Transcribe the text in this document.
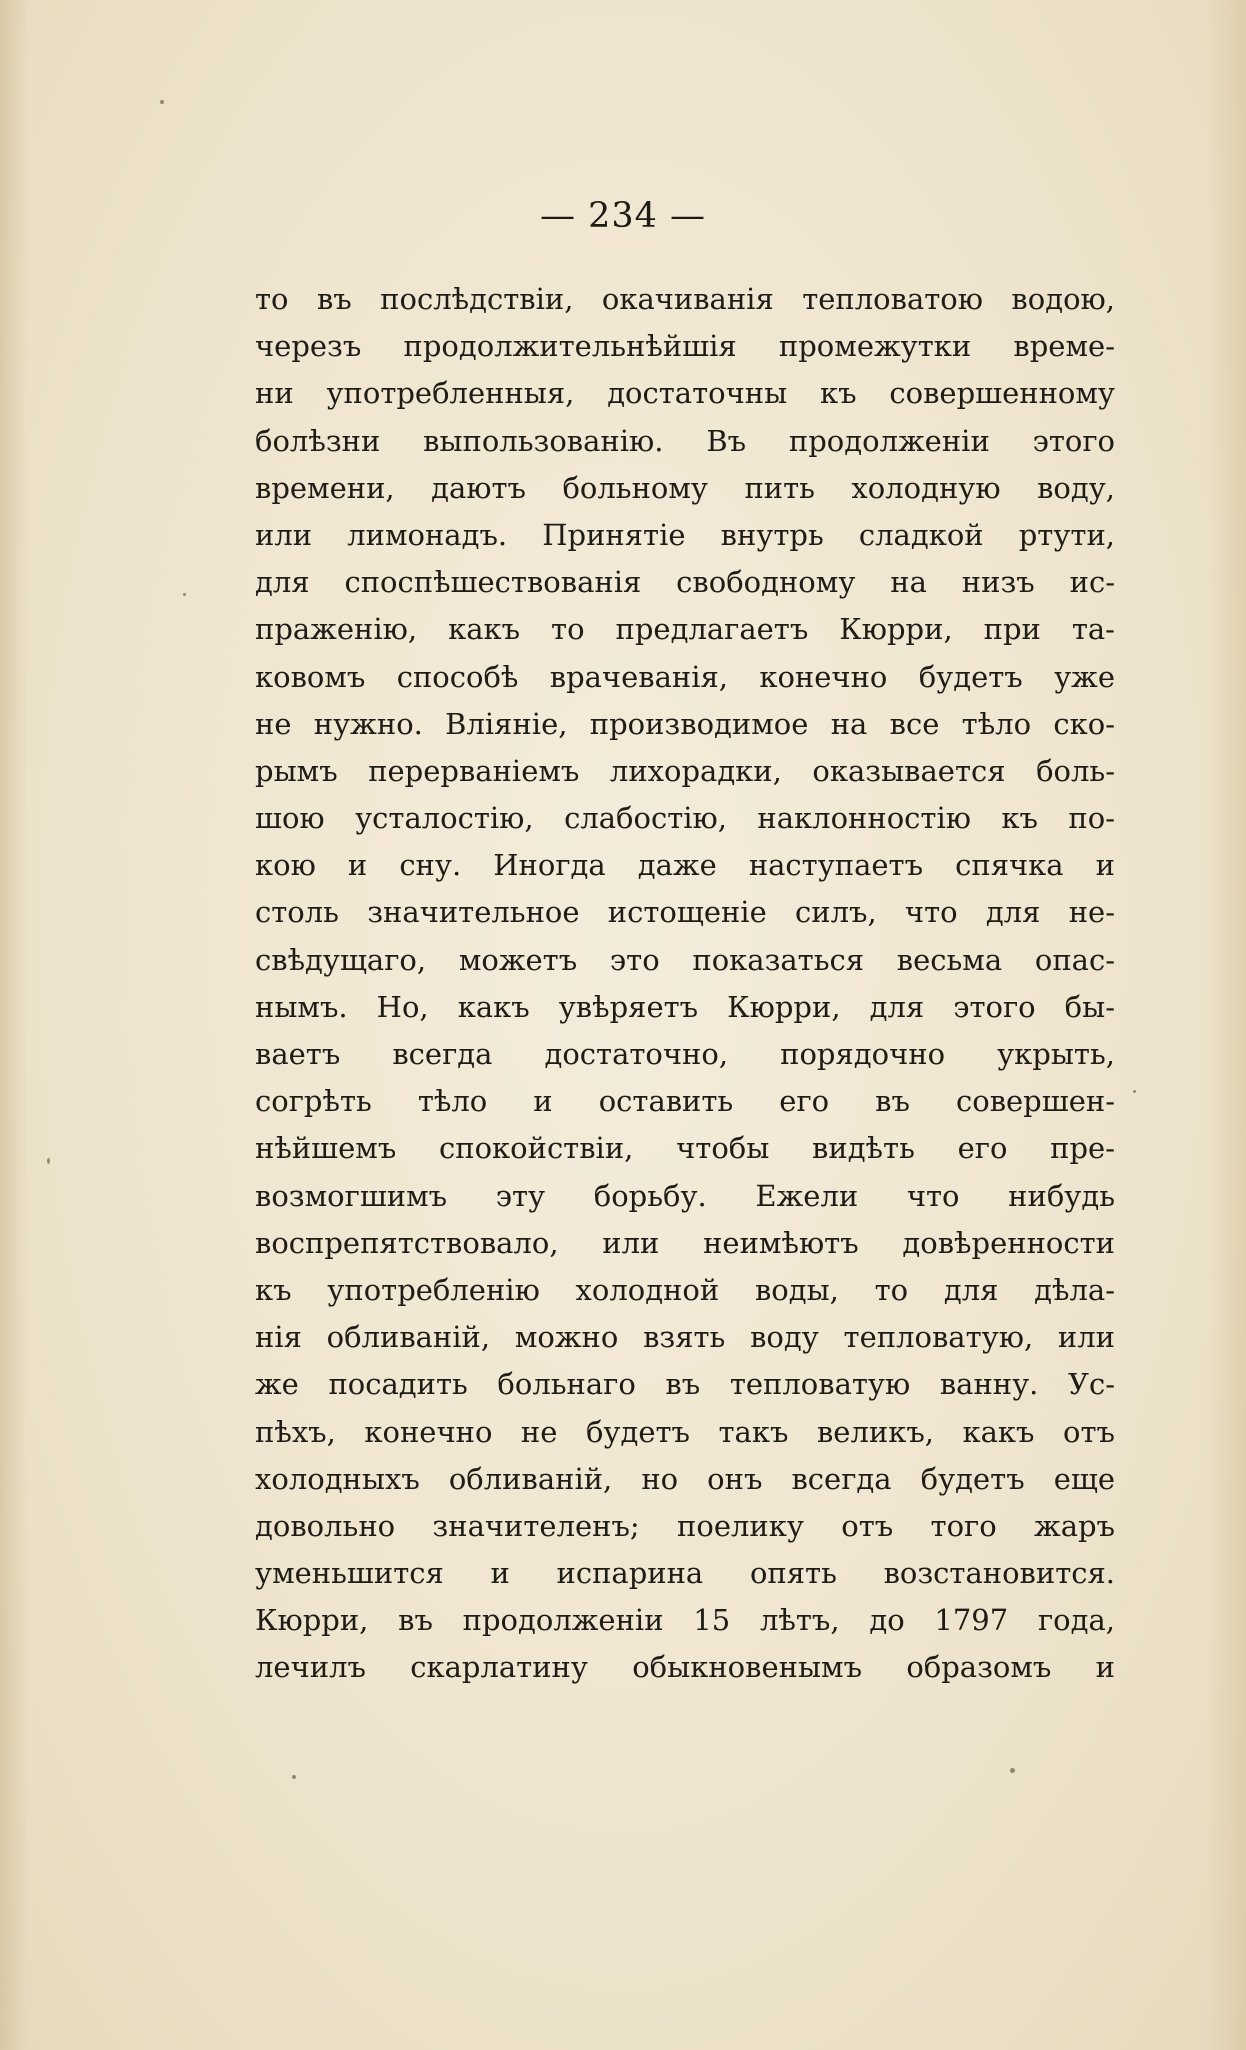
— 234 —
то въ послѣдствіи, окачиванія тепловатою водою,
черезъ продолжительнѣйшія промежутки време-
ни употребленныя, достаточны къ совершенному
болѣзни выпользованію. Въ продолженіи этого
времени, даютъ больному пить холодную воду,
или лимонадъ. Принятіе внутрь сладкой ртути,
для споспѣшествованія свободному на низъ ис-
праженію, какъ то предлагаетъ Кюрри, при та-
ковомъ способѣ врачеванія, конечно будетъ уже
не нужно. Вліяніе, производимое на все тѣло ско-
рымъ перерваніемъ лихорадки, оказывается боль-
шою усталостію, слабостію, наклонностію къ по-
кою и сну. Иногда даже наступаетъ спячка и
столь значительное истощеніе силъ, что для не-
свѣдущаго, можетъ это показаться весьма опас-
нымъ. Но, какъ увѣряетъ Кюрри, для этого бы-
ваетъ всегда достаточно, порядочно укрыть,
согрѣть тѣло и оставить его въ совершен-
нѣйшемъ спокойствіи, чтобы видѣть его пре-
возмогшимъ эту борьбу. Ежели что нибудь
воспрепятствовало, или неимѣютъ довѣренности
къ употребленію холодной воды, то для дѣла-
нія обливаній, можно взять воду тепловатую, или
же посадить больнаго въ тепловатую ванну. Ус-
пѣхъ, конечно не будетъ такъ великъ, какъ отъ
холодныхъ обливаній, но онъ всегда будетъ еще
довольно значителенъ; поелику отъ того жаръ
уменьшится и испарина опять возстановится.
Кюрри, въ продолженіи 15 лѣтъ, до 1797 года,
лечилъ скарлатину обыкновенымъ образомъ и
